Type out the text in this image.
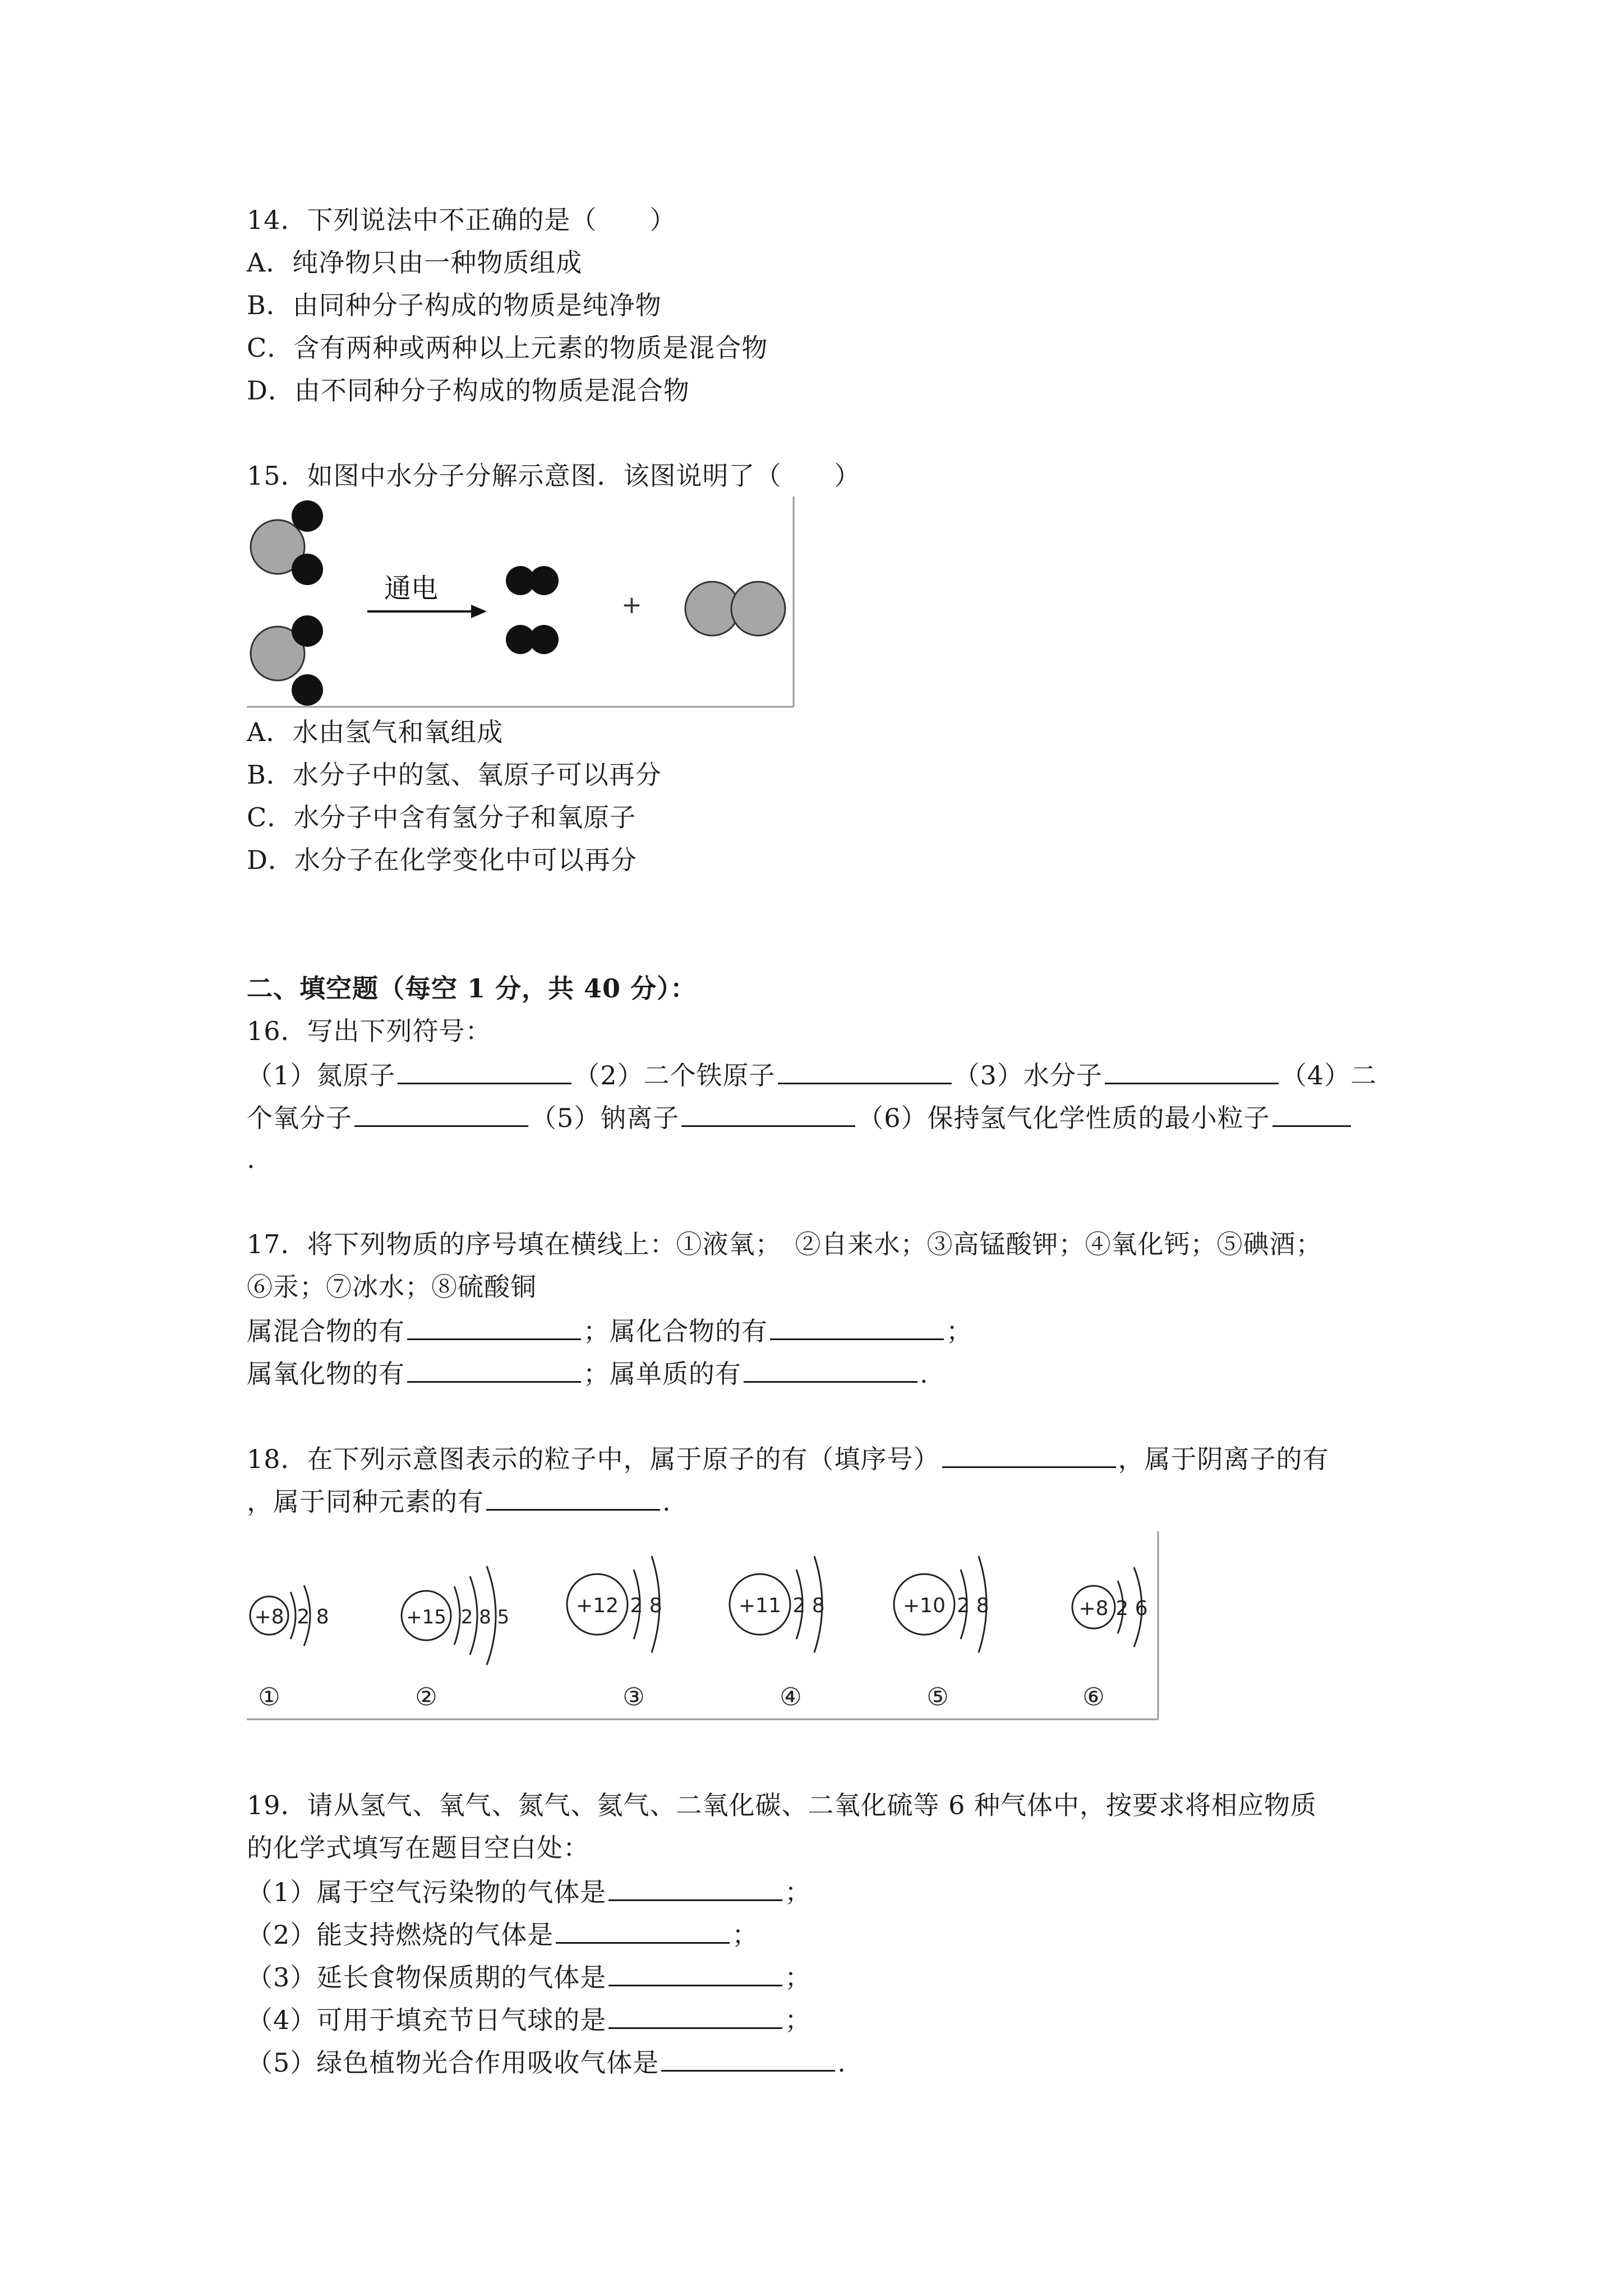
14．下列说法中不正确的是（　　）
A．纯净物只由一种物质组成
B．由同种分子构成的物质是纯净物
C．含有两种或两种以上元素的物质是混合物
D．由不同种分子构成的物质是混合物
15．如图中水分子分解示意图．该图说明了（　　）
通电
+
A．水由氢气和氧组成
B．水分子中的氢、氧原子可以再分
C．水分子中含有氢分子和氧原子
D．水分子在化学变化中可以再分
二、填空题（每空 1 分，共 40 分）：
16．写出下列符号：
（1）氮原子	（2）二个铁原子	（3）水分子	（4）二
个氧分子	（5）钠离子	（6）保持氢气化学性质的最小粒子
.
17．将下列物质的序号填在横线上：①液氧；　②自来水；③高锰酸钾；④氧化钙；⑤碘酒；
⑥汞；⑦冰水；⑧硫酸铜
属混合物的有	；属化合物的有	；
属氧化物的有	；属单质的有	.
18．在下列示意图表示的粒子中，属于原子的有（填序号）	，属于阴离子的有
，属于同种元素的有	.
+8 2 8
①
+15 2 8 5
②
+12 2 8
③
+11 2 8
④
+10 2 8
⑤
+8 2 6
⑥
19．请从氢气、氧气、氮气、氦气、二氧化碳、二氧化硫等 6 种气体中，按要求将相应物质
的化学式填写在题目空白处：
（1）属于空气污染物的气体是	；
（2）能支持燃烧的气体是	；
（3）延长食物保质期的气体是	；
（4）可用于填充节日气球的是	；
（5）绿色植物光合作用吸收气体是	.
